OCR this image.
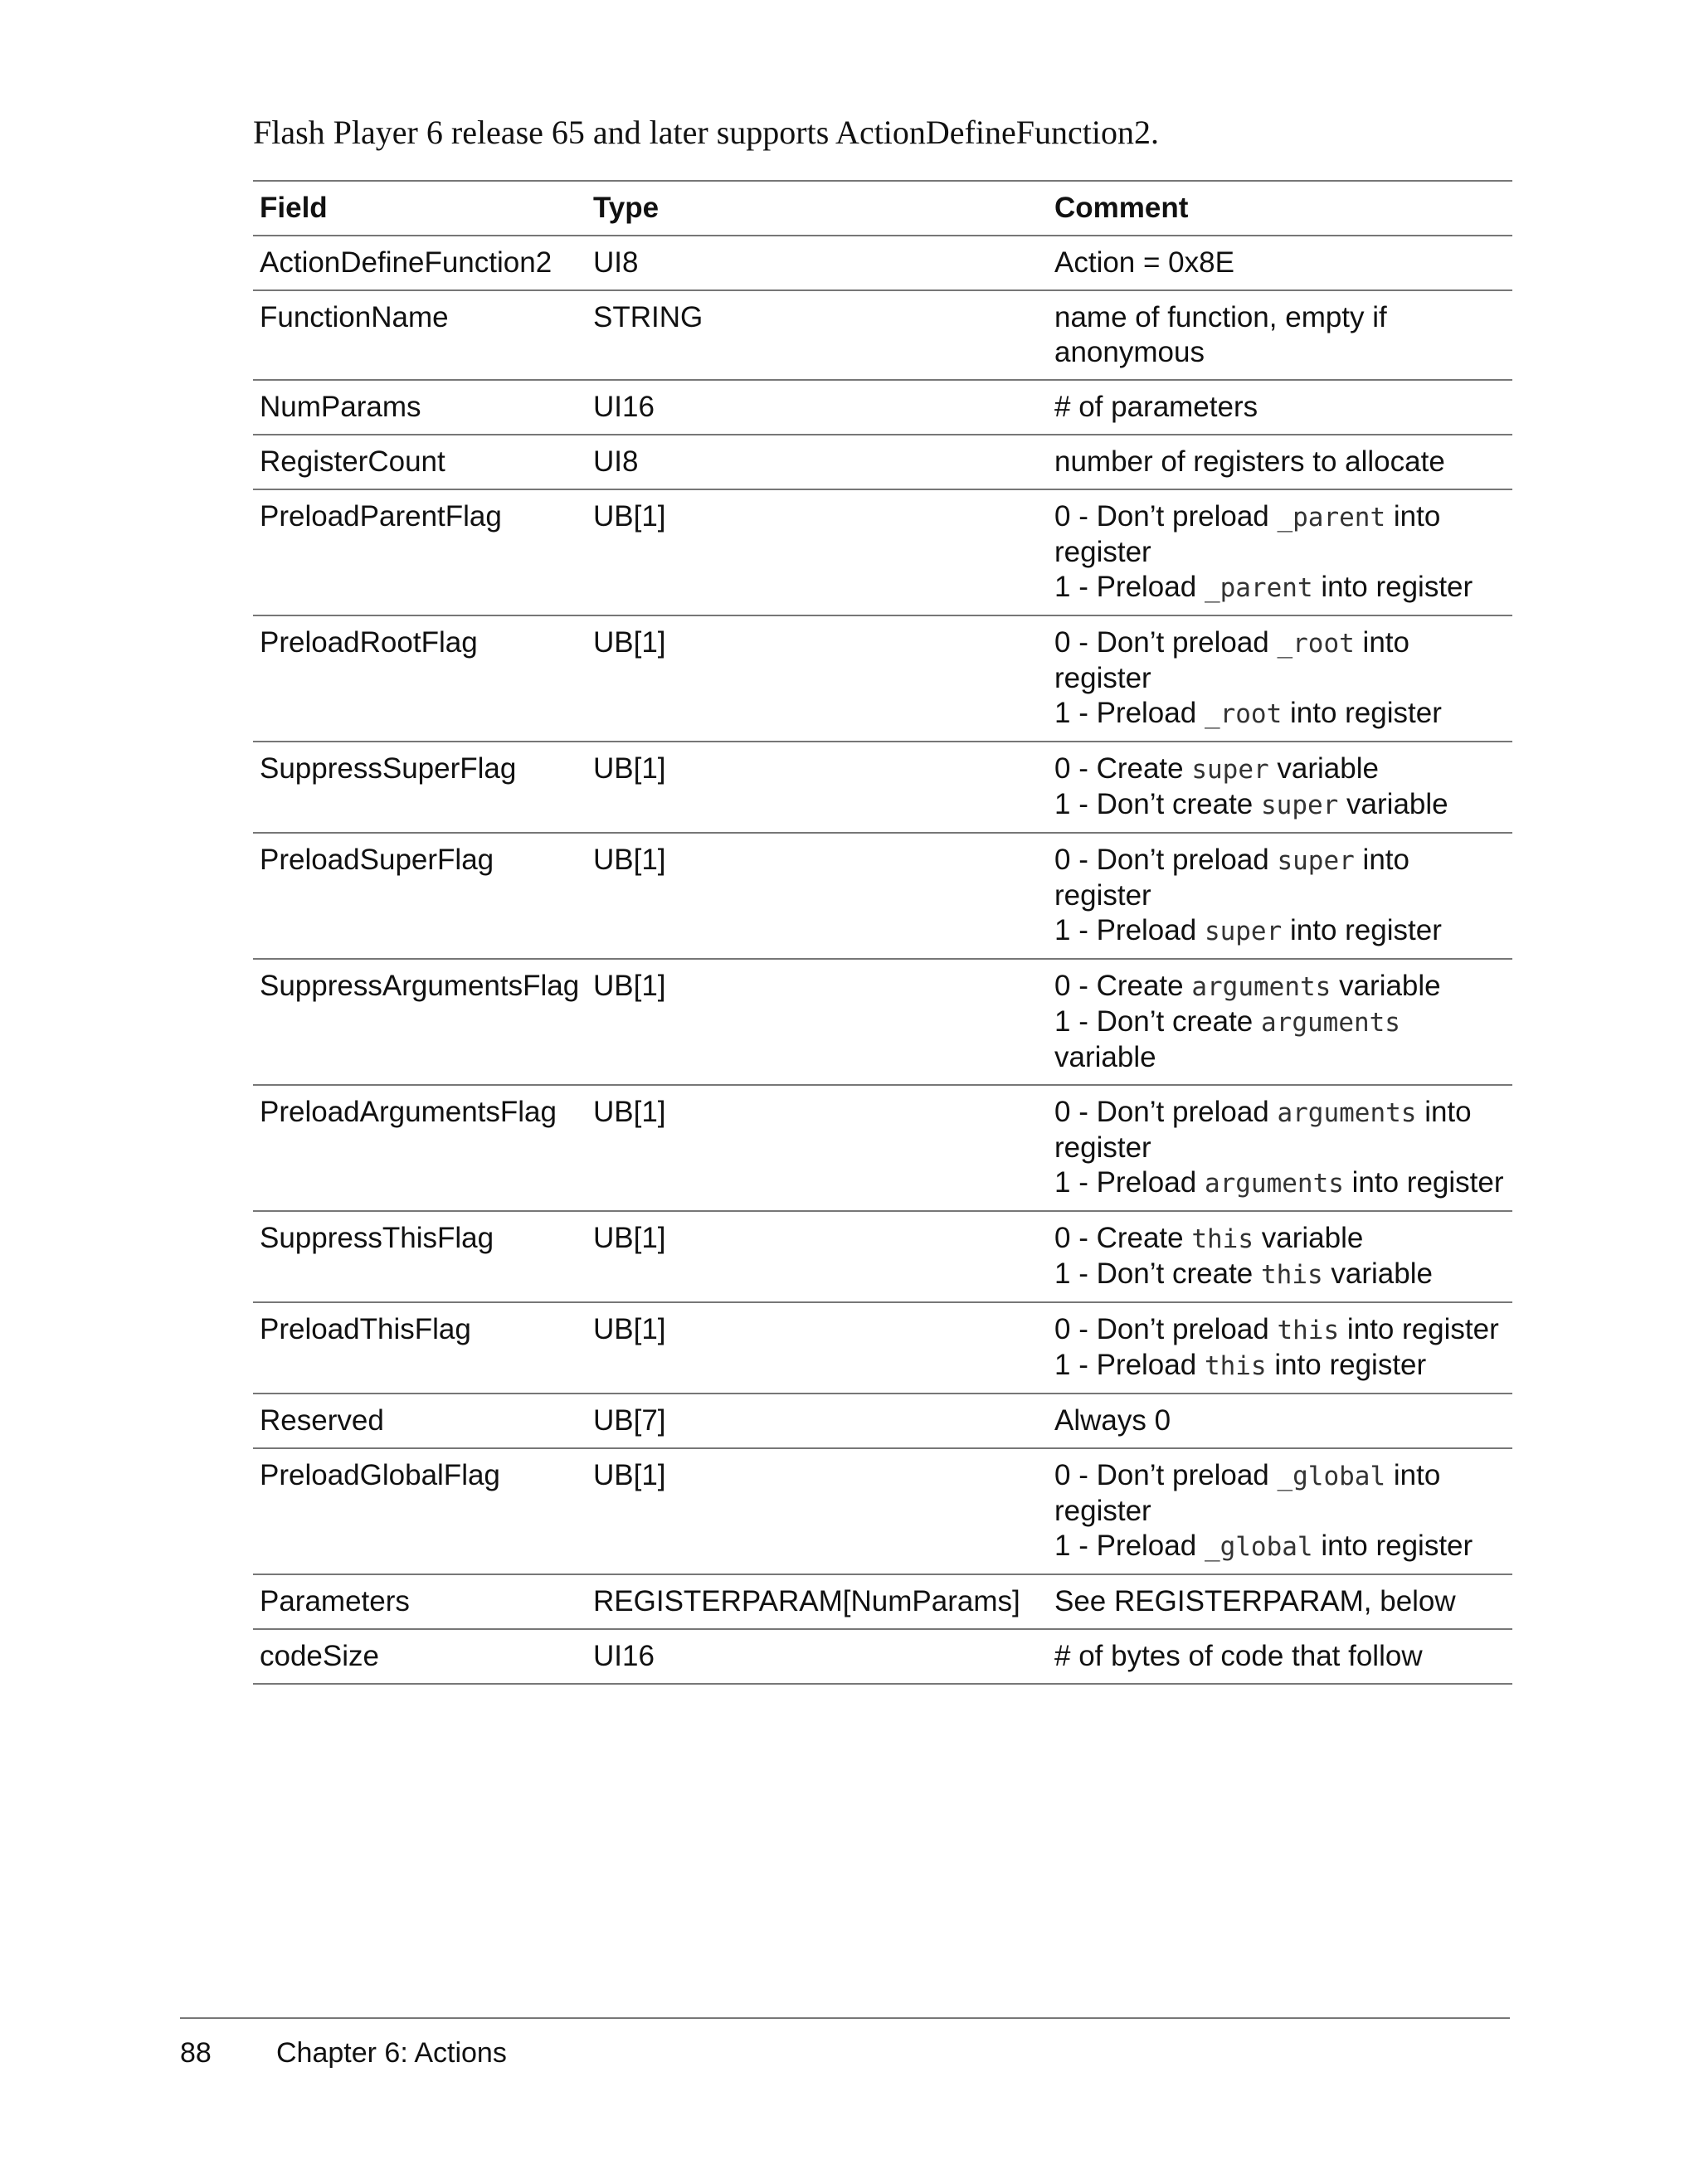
Flash Player 6 release 65 and later supports ActionDefineFunction2.
Field	Type	Comment
ActionDefineFunction2	UI8	Action = 0x8E
FunctionName	STRING	name of function, empty if anonymous
NumParams	UI16	# of parameters
RegisterCount	UI8	number of registers to allocate
PreloadParentFlag	UB[1]	0 - Don’t preload _parent into register
1 - Preload _parent into register

PreloadRootFlag	UB[1]	0 - Don’t preload _root into register
1 - Preload _root into register

SuppressSuperFlag	UB[1]	0 - Create super variable
1 - Don’t create super variable

PreloadSuperFlag	UB[1]	0 - Don’t preload super into register
1 - Preload super into register

SuppressArgumentsFlag	UB[1]	0 - Create arguments variable
1 - Don’t create arguments variable

PreloadArgumentsFlag	UB[1]	0 - Don’t preload arguments into register
1 - Preload arguments into register

SuppressThisFlag	UB[1]	0 - Create this variable
1 - Don’t create this variable

PreloadThisFlag	UB[1]	0 - Don’t preload this into register
1 - Preload this into register

Reserved	UB[7]	Always 0
PreloadGlobalFlag	UB[1]	0 - Don’t preload _global into register
1 - Preload _global into register

Parameters	REGISTERPARAM[NumParams]	See REGISTERPARAM, below
codeSize	UI16	# of bytes of code that follow
88 Chapter 6: Actions
